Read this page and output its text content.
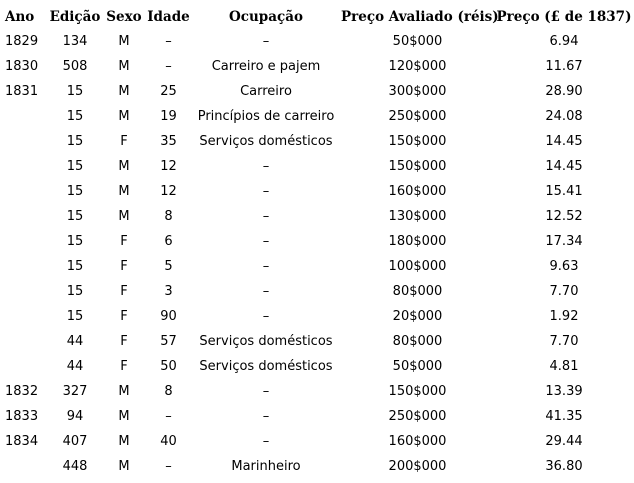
Ano	Edição	Sexo	Idade	Ocupação	Preço Avaliado (réis)	Preço (£ de 1837)
1829	134	M	–	–	50$000	6.94
1830	508	M	–	Carreiro e pajem	120$000	11.67
1831	15	M	25	Carreiro	300$000	28.90
	15	M	19	Princípios de carreiro	250$000	24.08
	15	F	35	Serviços domésticos	150$000	14.45
	15	M	12	–	150$000	14.45
	15	M	12	–	160$000	15.41
	15	M	8	–	130$000	12.52
	15	F	6	–	180$000	17.34
	15	F	5	–	100$000	9.63
	15	F	3	–	80$000	7.70
	15	F	90	–	20$000	1.92
	44	F	57	Serviços domésticos	80$000	7.70
	44	F	50	Serviços domésticos	50$000	4.81
1832	327	M	8	–	150$000	13.39
1833	94	M	–	–	250$000	41.35
1834	407	M	40	–	160$000	29.44
	448	M	–	Marinheiro	200$000	36.80
